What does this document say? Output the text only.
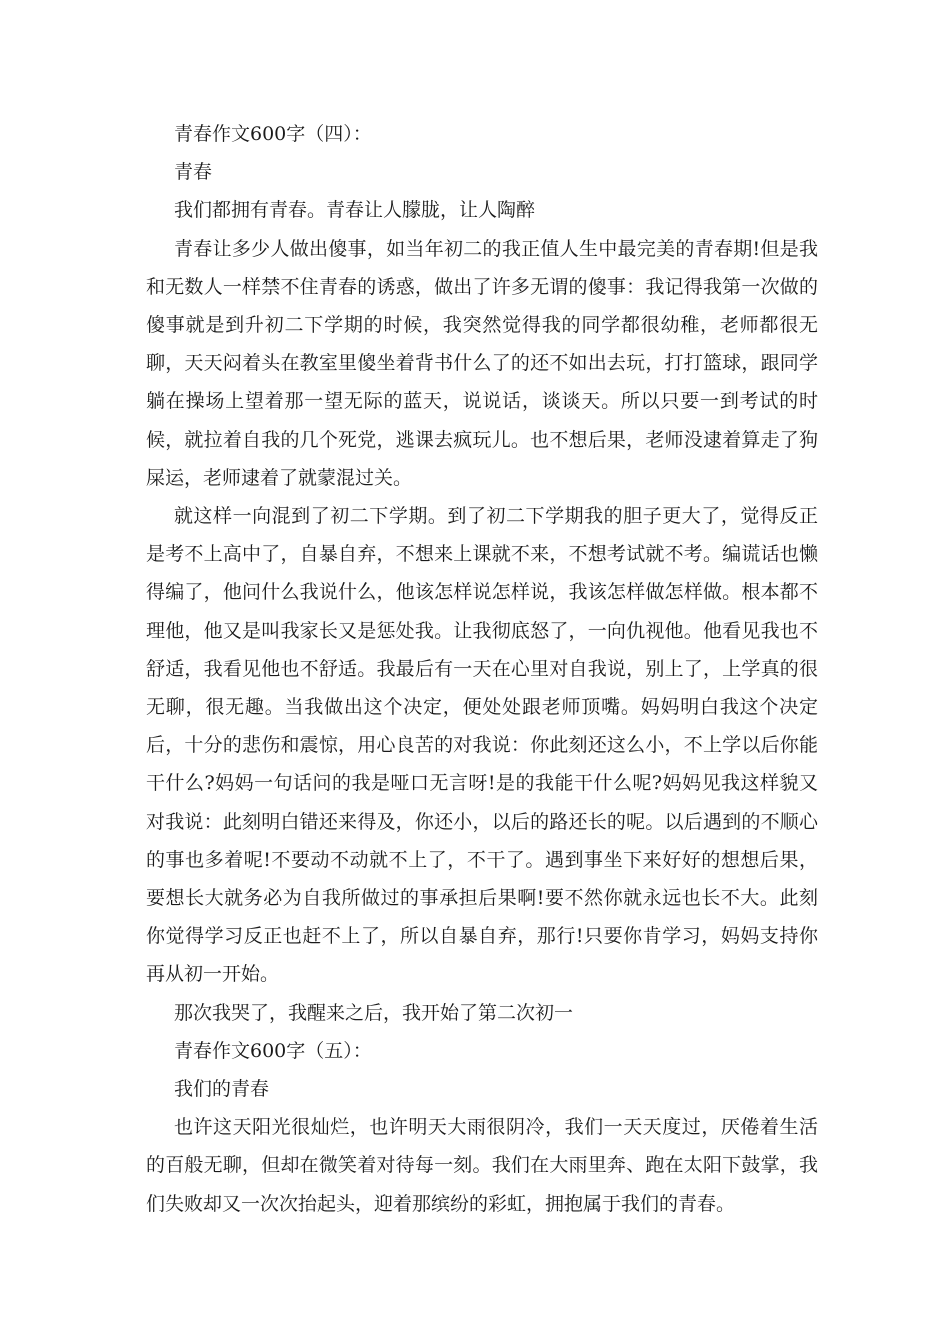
青春作文600字（四）：
青春
我们都拥有青春。青春让人朦胧，让人陶醉

青春让多少人做出傻事，如当年初二的我正值人生中最完美的青春期!但是我和无数人一样禁不住青春的诱惑，做出了许多无谓的傻事：我记得我第一次做的傻事就是到升初二下学期的时候，我突然觉得我的同学都很幼稚，老师都很无聊，天天闷着头在教室里傻坐着背书什么了的还不如出去玩，打打篮球，跟同学躺在操场上望着那一望无际的蓝天，说说话，谈谈天。所以只要一到考试的时候，就拉着自我的几个死党，逃课去疯玩儿。也不想后果，老师没逮着算走了狗屎运，老师逮着了就蒙混过关。

就这样一向混到了初二下学期。到了初二下学期我的胆子更大了，觉得反正是考不上高中了，自暴自弃，不想来上课就不来，不想考试就不考。编谎话也懒得编了，他问什么我说什么，他该怎样说怎样说，我该怎样做怎样做。根本都不理他，他又是叫我家长又是惩处我。让我彻底怒了，一向仇视他。他看见我也不舒适，我看见他也不舒适。我最后有一天在心里对自我说，别上了，上学真的很无聊，很无趣。当我做出这个决定，便处处跟老师顶嘴。妈妈明白我这个决定后，十分的悲伤和震惊，用心良苦的对我说：你此刻还这么小，不上学以后你能干什么?妈妈一句话问的我是哑口无言呀!是的我能干什么呢?妈妈见我这样貌又对我说：此刻明白错还来得及，你还小，以后的路还长的呢。以后遇到的不顺心的事也多着呢!不要动不动就不上了，不干了。遇到事坐下来好好的想想后果，要想长大就务必为自我所做过的事承担后果啊!要不然你就永远也长不大。此刻你觉得学习反正也赶不上了，所以自暴自弃，那行!只要你肯学习，妈妈支持你再从初一开始。

那次我哭了，我醒来之后，我开始了第二次初一
青春作文600字（五）：
我们的青春

也许这天阳光很灿烂，也许明天大雨很阴冷，我们一天天度过，厌倦着生活的百般无聊，但却在微笑着对待每一刻。我们在大雨里奔、跑在太阳下鼓掌，我们失败却又一次次抬起头，迎着那缤纷的彩虹，拥抱属于我们的青春。
